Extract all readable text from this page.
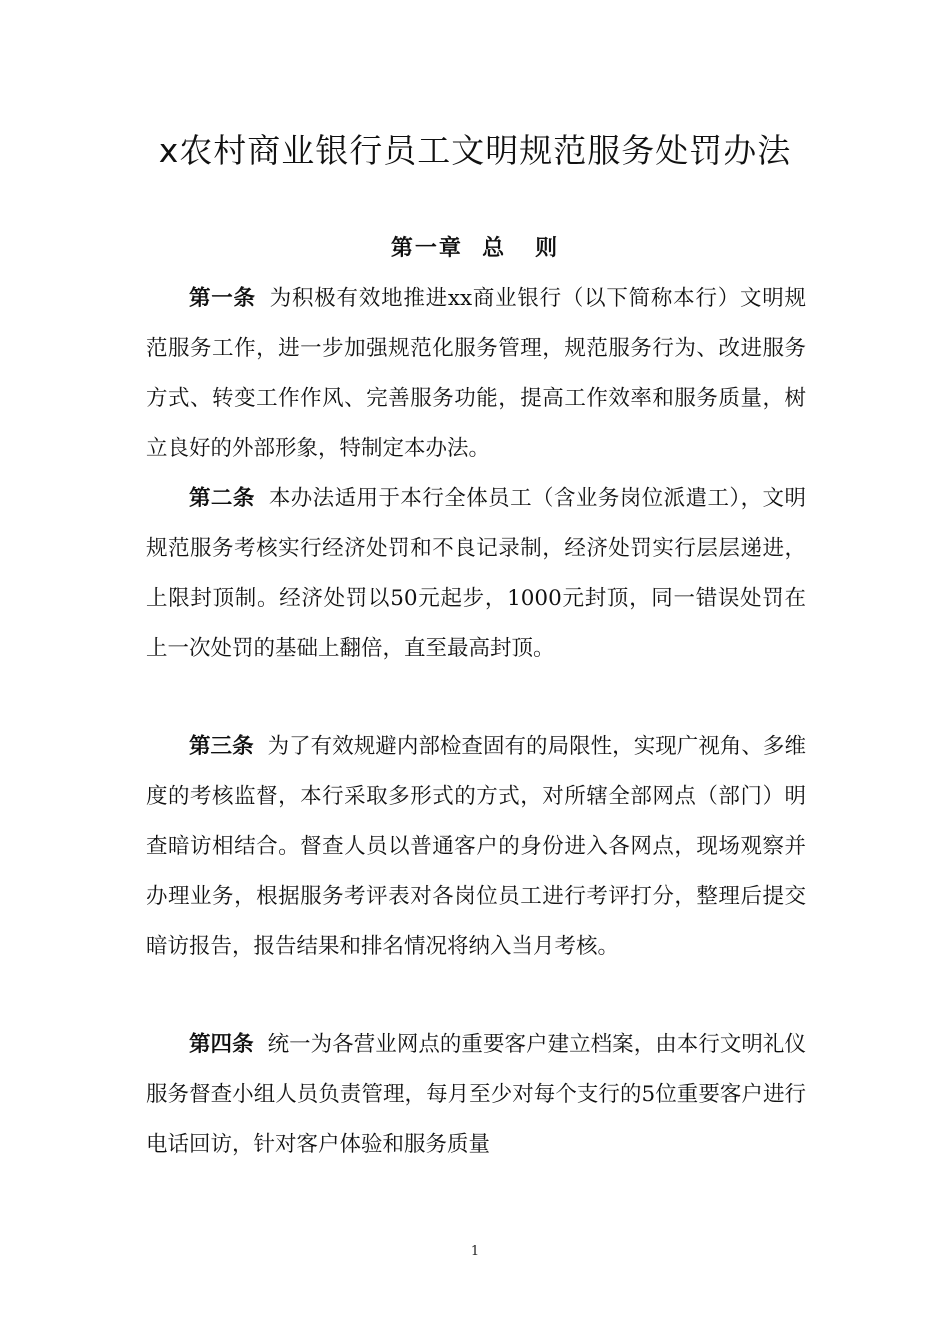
x农村商业银行员工文明规范服务处罚办法
第一章  总   则
第一条 为积极有效地推进xx商业银行（以下简称本行）文明规范服务工作，进一步加强规范化服务管理，规范服务行为、改进服务方式、转变工作作风、完善服务功能，提高工作效率和服务质量，树立良好的外部形象，特制定本办法。
第二条 本办法适用于本行全体员工（含业务岗位派遣工），文明规范服务考核实行经济处罚和不良记录制，经济处罚实行层层递进，上限封顶制。经济处罚以50元起步，1000元封顶，同一错误处罚在上一次处罚的基础上翻倍，直至最高封顶。
第三条 为了有效规避内部检查固有的局限性，实现广视角、多维度的考核监督，本行采取多形式的方式，对所辖全部网点（部门）明查暗访相结合。督查人员以普通客户的身份进入各网点，现场观察并办理业务，根据服务考评表对各岗位员工进行考评打分，整理后提交暗访报告，报告结果和排名情况将纳入当月考核。
第四条 统一为各营业网点的重要客户建立档案，由本行文明礼仪服务督查小组人员负责管理，每月至少对每个支行的5位重要客户进行电话回访，针对客户体验和服务质量
1
